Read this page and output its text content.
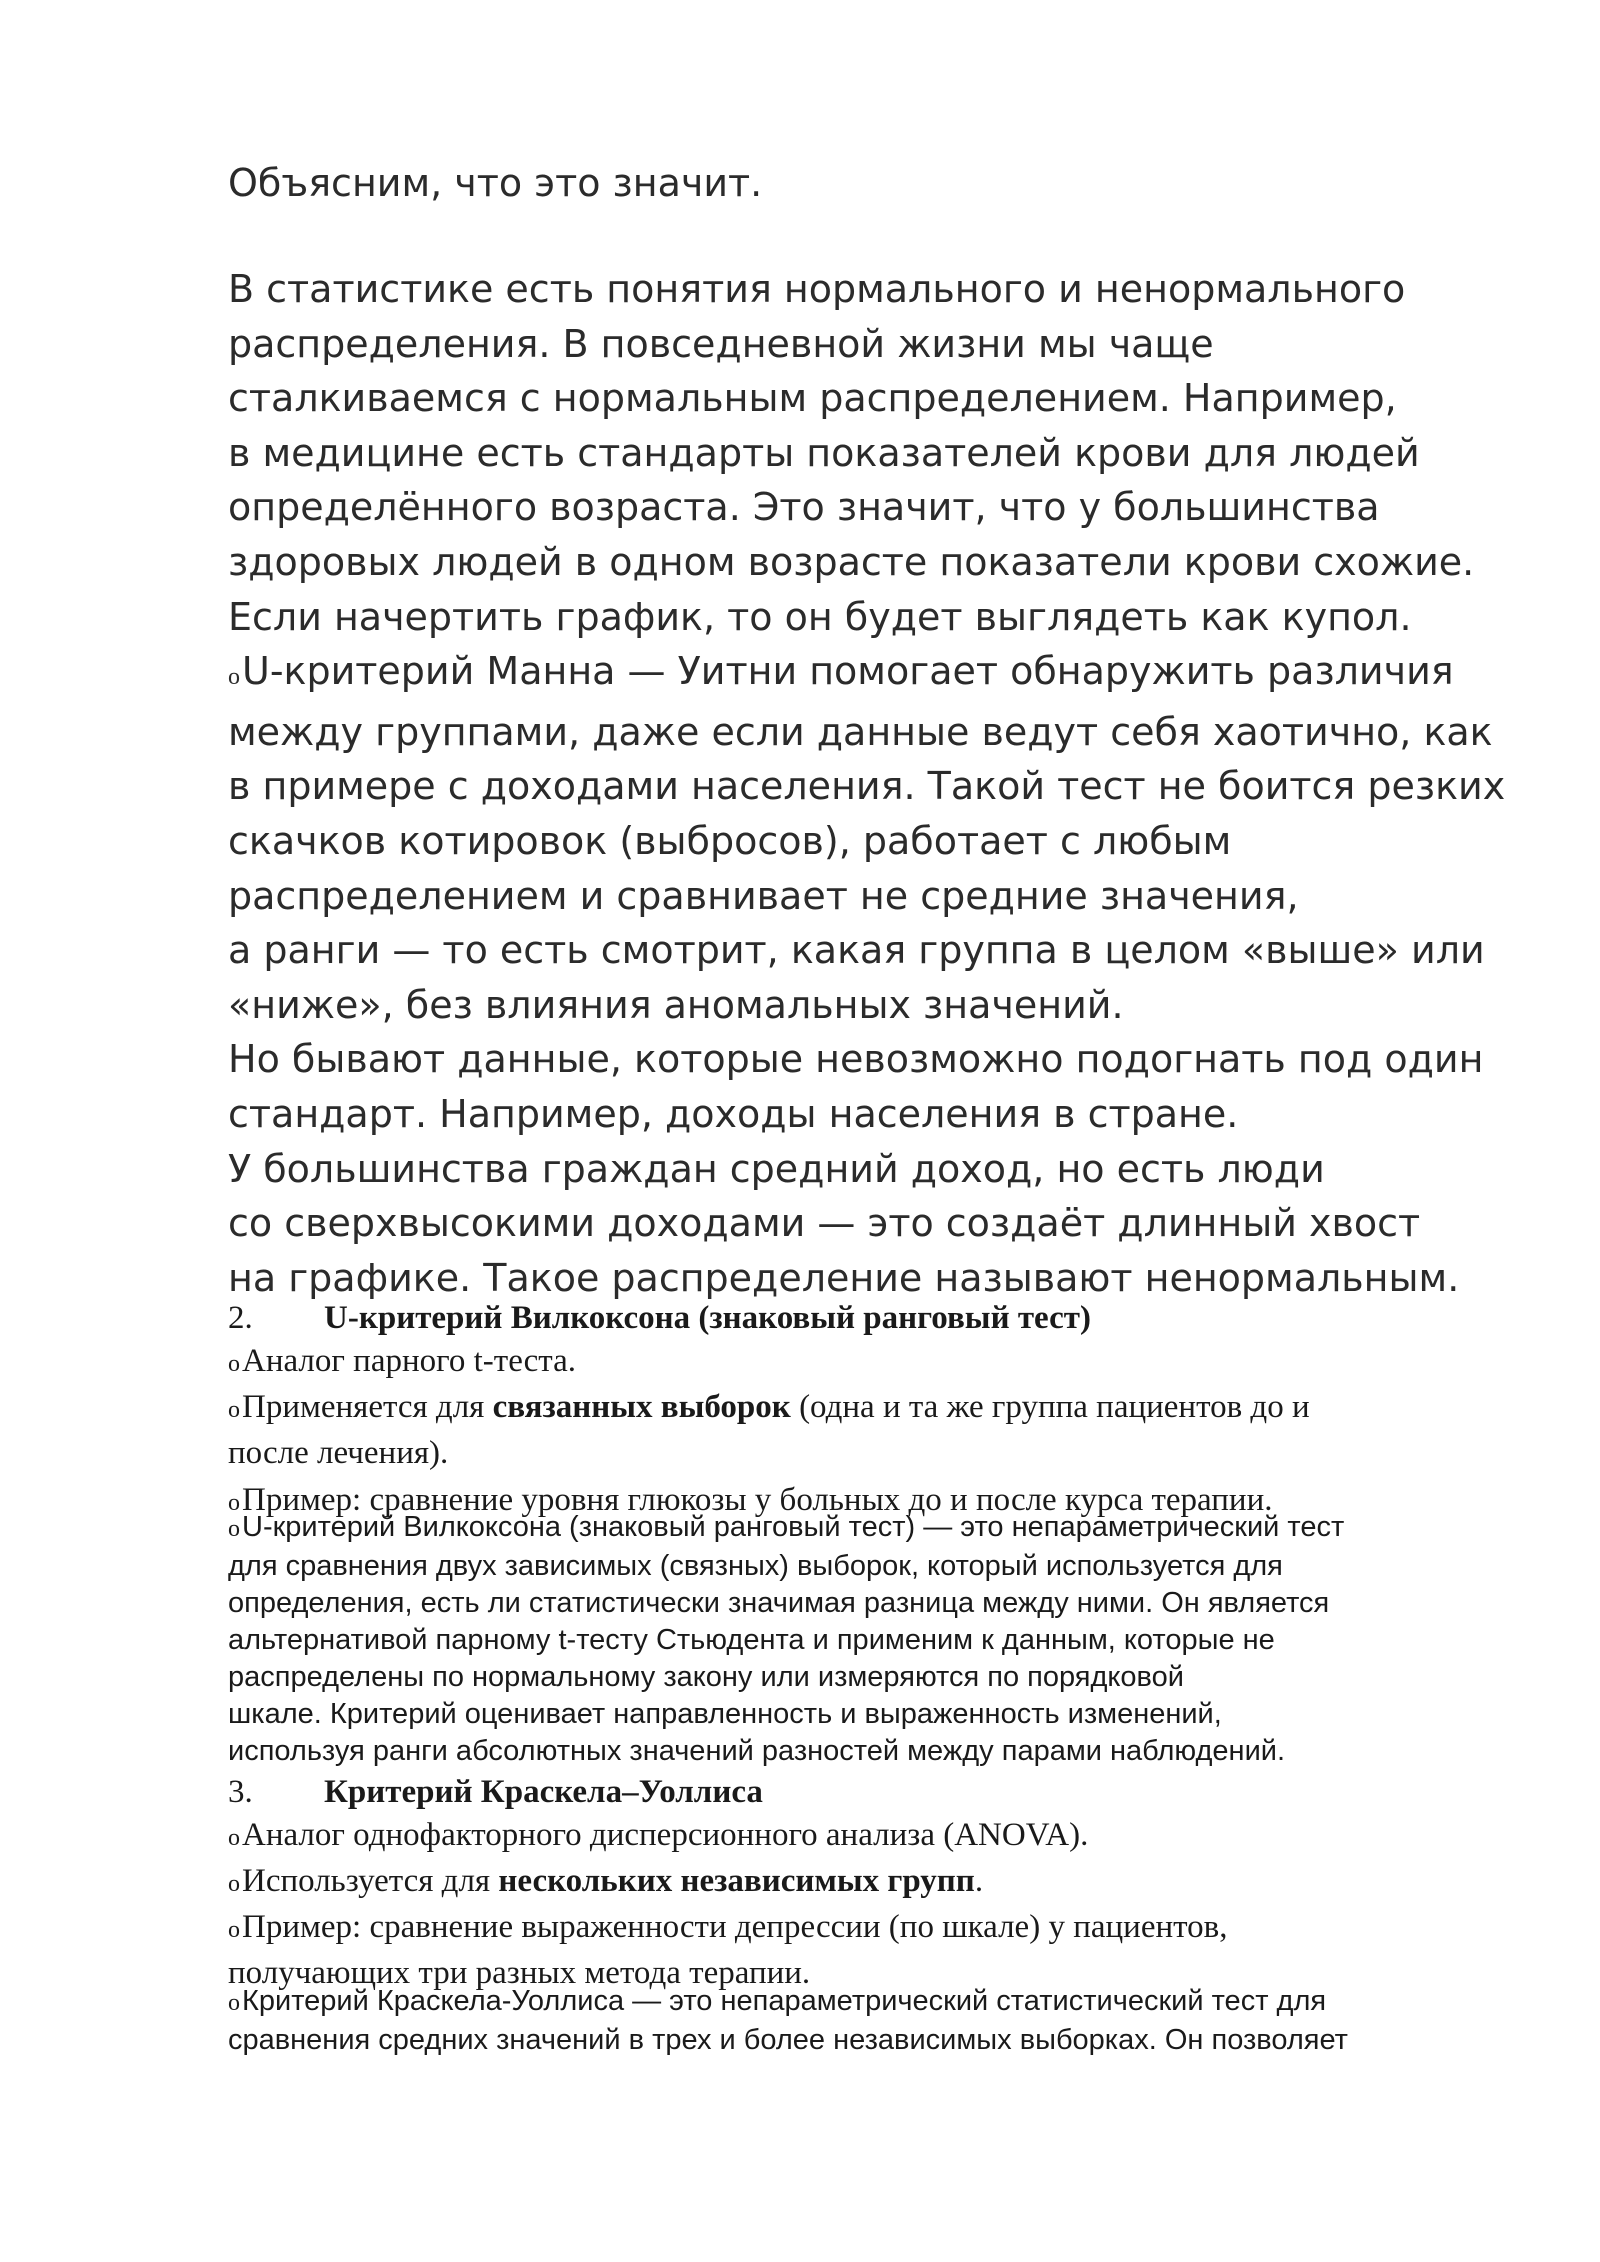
Объясним, что это значит.

В статистике есть понятия нормального и ненормального
распределения. В повседневной жизни мы чаще
сталкиваемся с нормальным распределением. Например,
в медицине есть стандарты показателей крови для людей
определённого возраста. Это значит, что у большинства
здоровых людей в одном возрасте показатели крови схожие.
Если начертить график, то он будет выглядеть как купол.
oU-критерий Манна — Уитни помогает обнаружить различия
между группами, даже если данные ведут себя хаотично, как
в примере с доходами населения. Такой тест не боится резких
скачков котировок (выбросов), работает с любым
распределением и сравнивает не средние значения,
а ранги — то есть смотрит, какая группа в целом «выше» или
«ниже», без влияния аномальных значений.
Но бывают данные, которые невозможно подогнать под один
стандарт. Например, доходы населения в стране.
У большинства граждан средний доход, но есть люди
со сверхвысокими доходами — это создаёт длинный хвост
на графике. Такое распределение называют ненормальным.

2. U-критерий Вилкоксона (знаковый ранговый тест)
oАналог парного t-теста.
oПрименяется для связанных выборок (одна и та же группа пациентов до и
после лечения).
oПример: сравнение уровня глюкозы у больных до и после курса терапии.
oU-критерий Вилкоксона (знаковый ранговый тест) — это непараметрический тест
для сравнения двух зависимых (связных) выборок, который используется для
определения, есть ли статистически значимая разница между ними. Он является
альтернативой парному t-тесту Стьюдента и применим к данным, которые не
распределены по нормальному закону или измеряются по порядковой
шкале. Критерий оценивает направленность и выраженность изменений,
используя ранги абсолютных значений разностей между парами наблюдений.
3. Критерий Краскела–Уоллиса
oАналог однофакторного дисперсионного анализа (ANOVA).
oИспользуется для нескольких независимых групп.
oПример: сравнение выраженности депрессии (по шкале) у пациентов,
получающих три разных метода терапии.
oКритерий Краскела-Уоллиса — это непараметрический статистический тест для
сравнения средних значений в трех и более независимых выборках. Он позволяет
